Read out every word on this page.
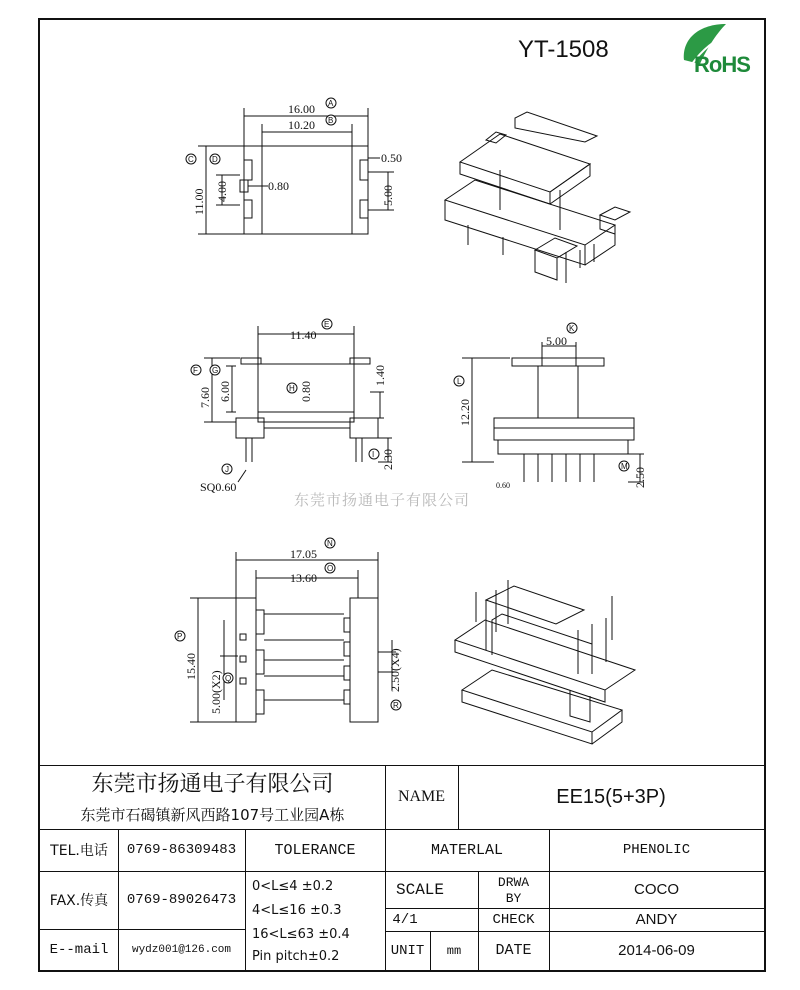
YT-1508
RoHS
16.00
10.20
11.00 4.00	0.80
0.50
5.00
11.40
7.60 6.00	0.80
1.40
2.30
SQ0.60
5.00
12.20
0.60	2.50
17.05
13.60
15.40
5.00(X2)
2.50(X4)
A
B
C D
E
F G
H
I
J
K
L
M
N
O
P
Q
R
东莞市扬通电子有限公司
东莞市扬通电子有限公司
东莞市石碣镇新风西路107号工业园A栋
NAME	EE15(5+3P)
TEL.电话	0769-86309483
FAX.传真	0769-89026473
E--mail	wydz001@126.com
TOLERANCE
0<L≤4 ±0.2
4<L≤16 ±0.3
16<L≤63 ±0.4
Pin pitch±0.2
MATERLAL	PHENOLIC
SCALE
4/1
DRWA
BY	COCO
CHECK	ANDY
UNIT	mm	DATE	2014-06-09
